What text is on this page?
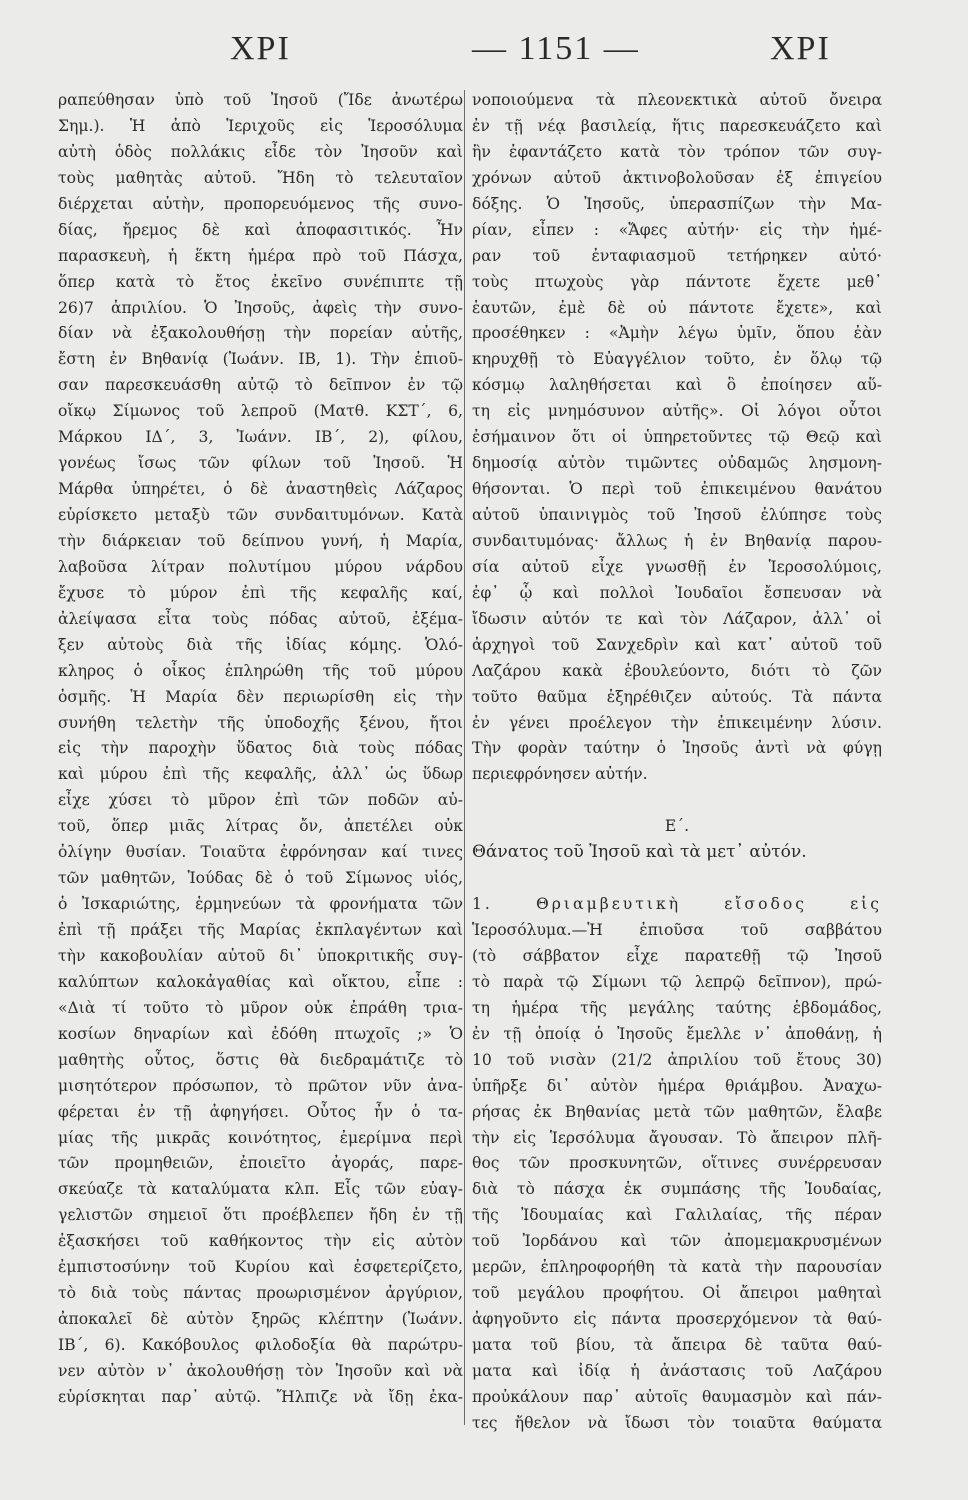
ΧΡΙ	— 1151 —	ΧΡΙ
ραπεύθησαν ὑπὸ τοῦ Ἰησοῦ (Ἴδε ἀνωτέρω
Σημ.). Ἡ ἀπὸ Ἱεριχοῦς εἰς Ἱεροσόλυμα
αὐτὴ ὁδὸς πολλάκις εἶδε τὸν Ἰησοῦν καὶ
τοὺς μαθητὰς αὐτοῦ. Ἤδη τὸ τελευταῖον
διέρχεται αὐτὴν, προπορευόμενος τῆς συνο-
δίας, ἤρεμος δὲ καὶ ἀποφασιτικός. Ἦν
παρασκευὴ, ἡ ἕκτη ἡμέρα πρὸ τοῦ Πάσχα,
ὅπερ κατὰ τὸ ἔτος ἐκεῖνο συνέπιπτε τῇ
26)7 ἀπριλίου. Ὁ Ἰησοῦς, ἀφεὶς τὴν συνο-
δίαν νὰ ἐξακολουθήσῃ τὴν πορείαν αὐτῆς,
ἔστη ἐν Βηθανίᾳ (Ἰωάνν. ΙΒ, 1). Τὴν ἐπιοῦ-
σαν παρεσκευάσθη αὐτῷ τὸ δεῖπνον ἐν τῷ
οἴκῳ Σίμωνος τοῦ λεπροῦ (Ματθ. ΚΣΤ΄, 6,
Μάρκου ΙΔ΄, 3, Ἰωάνν. ΙΒ΄, 2), φίλου,
γονέως ἴσως τῶν φίλων τοῦ Ἰησοῦ. Ἡ
Μάρθα ὑπηρέτει, ὁ δὲ ἀναστηθεὶς Λάζαρος
εὑρίσκετο μεταξὺ τῶν συνδαιτυμόνων. Κατὰ
τὴν διάρκειαν τοῦ δείπνου γυνή, ἡ Μαρία,
λαβοῦσα λίτραν πολυτίμου μύρου νάρδου
ἔχυσε τὸ μύρον ἐπὶ τῆς κεφαλῆς καί,
ἀλείψασα εἶτα τοὺς πόδας αὐτοῦ, ἐξέμα-
ξεν αὐτοὺς διὰ τῆς ἰδίας κόμης. Ὁλό-
κληρος ὁ οἶκος ἐπληρώθη τῆς τοῦ μύρου
ὀσμῆς. Ἡ Μαρία δὲν περιωρίσθη εἰς τὴν
συνήθη τελετὴν τῆς ὑποδοχῆς ξένου, ἤτοι
εἰς τὴν παροχὴν ὕδατος διὰ τοὺς πόδας
καὶ μύρου ἐπὶ τῆς κεφαλῆς, ἀλλ᾽ ὡς ὕδωρ
εἶχε χύσει τὸ μῦρον ἐπὶ τῶν ποδῶν αὐ-
τοῦ, ὅπερ μιᾶς λίτρας ὄν, ἀπετέλει οὐκ
ὀλίγην θυσίαν. Τοιαῦτα ἐφρόνησαν καί τινες
τῶν μαθητῶν, Ἰούδας δὲ ὁ τοῦ Σίμωνος υἱός,
ὁ Ἰσκαριώτης, ἑρμηνεύων τὰ φρονήματα τῶν
ἐπὶ τῇ πράξει τῆς Μαρίας ἐκπλαγέντων καὶ
τὴν κακοβουλίαν αὐτοῦ δι᾽ ὑποκριτικῆς συγ-
καλύπτων καλοκἀγαθίας καὶ οἴκτου, εἶπε :
«Διὰ τί τοῦτο τὸ μῦρον οὐκ ἐπράθη τρια-
κοσίων δηναρίων καὶ ἐδόθη πτωχοῖς ;» Ὁ
μαθητὴς οὗτος, ὅστις θὰ διεδραμάτιζε τὸ
μισητότερον πρόσωπον, τὸ πρῶτον νῦν ἀνα-
φέρεται ἐν τῇ ἀφηγήσει. Οὗτος ἦν ὁ τα-
μίας τῆς μικρᾶς κοινότητος, ἐμερίμνα περὶ
τῶν προμηθειῶν, ἐποιεῖτο ἀγοράς, παρε-
σκεύαζε τὰ καταλύματα κλπ. Εἷς τῶν εὐαγ-
γελιστῶν σημειοῖ ὅτι προέβλεπεν ἤδη ἐν τῇ
ἐξασκήσει τοῦ καθήκοντος τὴν εἰς αὐτὸν
ἐμπιστοσύνην τοῦ Κυρίου καὶ ἐσφετερίζετο,
τὸ διὰ τοὺς πάντας προωρισμένον ἀργύριον,
ἀποκαλεῖ δὲ αὐτὸν ξηρῶς κλέπτην (Ἰωάνν.
ΙΒ΄, 6). Κακόβουλος φιλοδοξία θὰ παρώτρυ-
νεν αὐτὸν ν᾽ ἀκολουθήσῃ τὸν Ἰησοῦν καὶ νὰ
εὑρίσκηται παρ᾽ αὐτῷ. Ἤλπιζε νὰ ἴδῃ ἐκα-
νοποιούμενα τὰ πλεονεκτικὰ αὐτοῦ ὄνειρα
ἐν τῇ νέᾳ βασιλείᾳ, ἥτις παρεσκευάζετο καὶ
ἣν ἐφαντάζετο κατὰ τὸν τρόπον τῶν συγ-
χρόνων αὐτοῦ ἀκτινοβολοῦσαν ἐξ ἐπιγείου
δόξης. Ὁ Ἰησοῦς, ὑπερασπίζων τὴν Μα-
ρίαν, εἶπεν : «Ἄφες αὐτήν· εἰς τὴν ἡμέ-
ραν τοῦ ἐνταφιασμοῦ τετήρηκεν αὐτό·
τοὺς πτωχοὺς γὰρ πάντοτε ἔχετε μεθ᾽
ἑαυτῶν, ἐμὲ δὲ οὐ πάντοτε ἔχετε», καὶ
προσέθηκεν : «Ἀμὴν λέγω ὑμῖν, ὅπου ἐὰν
κηρυχθῇ τὸ Εὐαγγέλιον τοῦτο, ἐν ὅλῳ τῷ
κόσμῳ λαληθήσεται καὶ ὃ ἐποίησεν αὕ-
τη εἰς μνημόσυνον αὐτῆς». Οἱ λόγοι οὗτοι
ἐσήμαινον ὅτι οἱ ὑπηρετοῦντες τῷ Θεῷ καὶ
δημοσίᾳ αὐτὸν τιμῶντες οὐδαμῶς λησμονη-
θήσονται. Ὁ περὶ τοῦ ἐπικειμένου θανάτου
αὐτοῦ ὑπαινιγμὸς τοῦ Ἰησοῦ ἐλύπησε τοὺς
συνδαιτυμόνας· ἄλλως ἡ ἐν Βηθανίᾳ παρου-
σία αὐτοῦ εἶχε γνωσθῇ ἐν Ἱεροσολύμοις,
ἐφ᾽ ᾧ καὶ πολλοὶ Ἰουδαῖοι ἔσπευσαν νὰ
ἴδωσιν αὐτόν τε καὶ τὸν Λάζαρον, ἀλλ᾽ οἱ
ἀρχηγοὶ τοῦ Σανχεδρὶν καὶ κατ᾽ αὐτοῦ τοῦ
Λαζάρου κακὰ ἐβουλεύοντο, διότι τὸ ζῶν
τοῦτο θαῦμα ἐξηρέθιζεν αὐτούς. Τὰ πάντα
ἐν γένει προέλεγον τὴν ἐπικειμένην λύσιν.
Τὴν φορὰν ταύτην ὁ Ἰησοῦς ἀντὶ νὰ φύγῃ
περιεφρόνησεν αὐτήν.
Ε΄.
Θάνατος τοῦ Ἰησοῦ καὶ τὰ μετ᾽ αὐτόν.
1. Θριαμβευτικὴ εἴσοδος εἰς
Ἱεροσόλυμα.—Ἡ ἐπιοῦσα τοῦ σαββάτου
(τὸ σάββατον εἶχε παρατεθῇ τῷ Ἰησοῦ
τὸ παρὰ τῷ Σίμωνι τῷ λεπρῷ δεῖπνον), πρώ-
τη ἡμέρα τῆς μεγάλης ταύτης ἑβδομάδος,
ἐν τῇ ὁποίᾳ ὁ Ἰησοῦς ἔμελλε ν᾽ ἀποθάνῃ, ἡ
10 τοῦ νισὰν (21/2 ἀπριλίου τοῦ ἔτους 30)
ὑπῆρξε δι᾽ αὐτὸν ἡμέρα θριάμβου. Ἀναχω-
ρήσας ἐκ Βηθανίας μετὰ τῶν μαθητῶν, ἔλαβε
τὴν εἰς Ἱερσόλυμα ἄγουσαν. Τὸ ἄπειρον πλῆ-
θος τῶν προσκυνητῶν, οἵτινες συνέρρευσαν
διὰ τὸ πάσχα ἐκ συμπάσης τῆς Ἰουδαίας,
τῆς Ἰδουμαίας καὶ Γαλιλαίας, τῆς πέραν
τοῦ Ἰορδάνου καὶ τῶν ἀπομεμακρυσμένων
μερῶν, ἐπληροφορήθη τὰ κατὰ τὴν παρουσίαν
τοῦ μεγάλου προφήτου. Οἱ ἄπειροι μαθηταὶ
ἀφηγοῦντο εἰς πάντα προσερχόμενον τὰ θαύ-
ματα τοῦ βίου, τὰ ἄπειρα δὲ ταῦτα θαύ-
ματα καὶ ἰδίᾳ ἡ ἀνάστασις τοῦ Λαζάρου
προὐκάλουν παρ᾽ αὐτοῖς θαυμασμὸν καὶ πάν-
τες ἤθελον νὰ ἴδωσι τὸν τοιαῦτα θαύματα
